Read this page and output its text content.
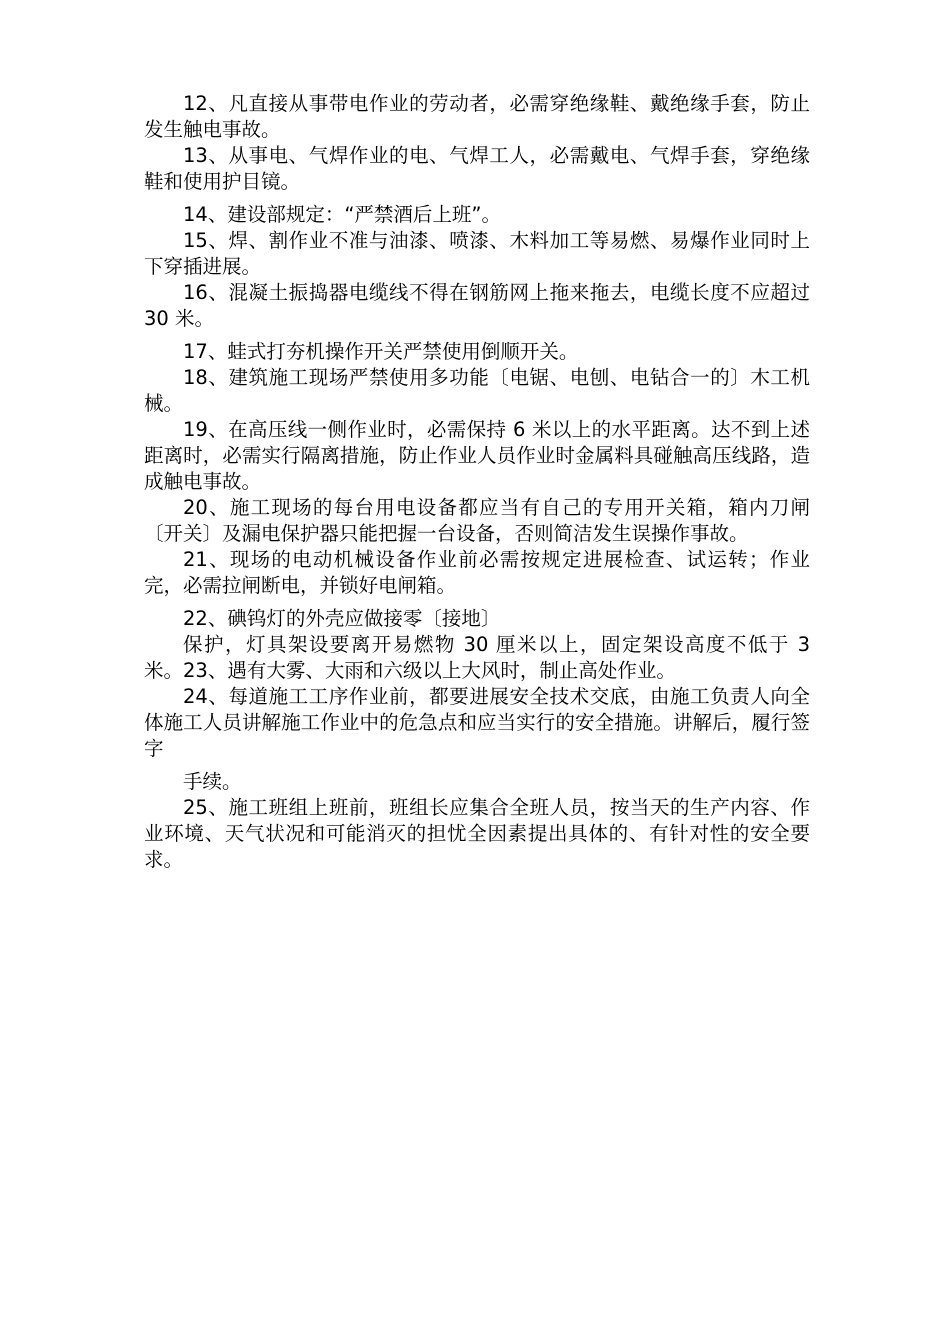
12、凡直接从事带电作业的劳动者，必需穿绝缘鞋、戴绝缘手套，防止发生触电事故。

13、从事电、气焊作业的电、气焊工人，必需戴电、气焊手套，穿绝缘鞋和使用护目镜。

14、建设部规定：“严禁酒后上班”。

15、焊、割作业不准与油漆、喷漆、木料加工等易燃、易爆作业同时上下穿插进展。

16、混凝土振捣器电缆线不得在钢筋网上拖来拖去，电缆长度不应超过 30 米。

17、蛙式打夯机操作开关严禁使用倒顺开关。

18、建筑施工现场严禁使用多功能〔电锯、电刨、电钻合一的〕木工机械。

19、在高压线一侧作业时，必需保持 6 米以上的水平距离。达不到上述距离时，必需实行隔离措施，防止作业人员作业时金属料具碰触高压线路，造成触电事故。

20、施工现场的每台用电设备都应当有自己的专用开关箱，箱内刀闸〔开关〕及漏电保护器只能把握一台设备，否则简洁发生误操作事故。

21、现场的电动机械设备作业前必需按规定进展检查、试运转；作业完，必需拉闸断电，并锁好电闸箱。

22、碘钨灯的外壳应做接零〔接地〕

保护，灯具架设要离开易燃物 30 厘米以上，固定架设高度不低于 3 米。23、遇有大雾、大雨和六级以上大风时，制止高处作业。

24、每道施工工序作业前，都要进展安全技术交底，由施工负责人向全体施工人员讲解施工作业中的危急点和应当实行的安全措施。讲解后，履行签字

手续。

25、施工班组上班前，班组长应集合全班人员，按当天的生产内容、作业环境、天气状况和可能消灭的担忧全因素提出具体的、有针对性的安全要求。
